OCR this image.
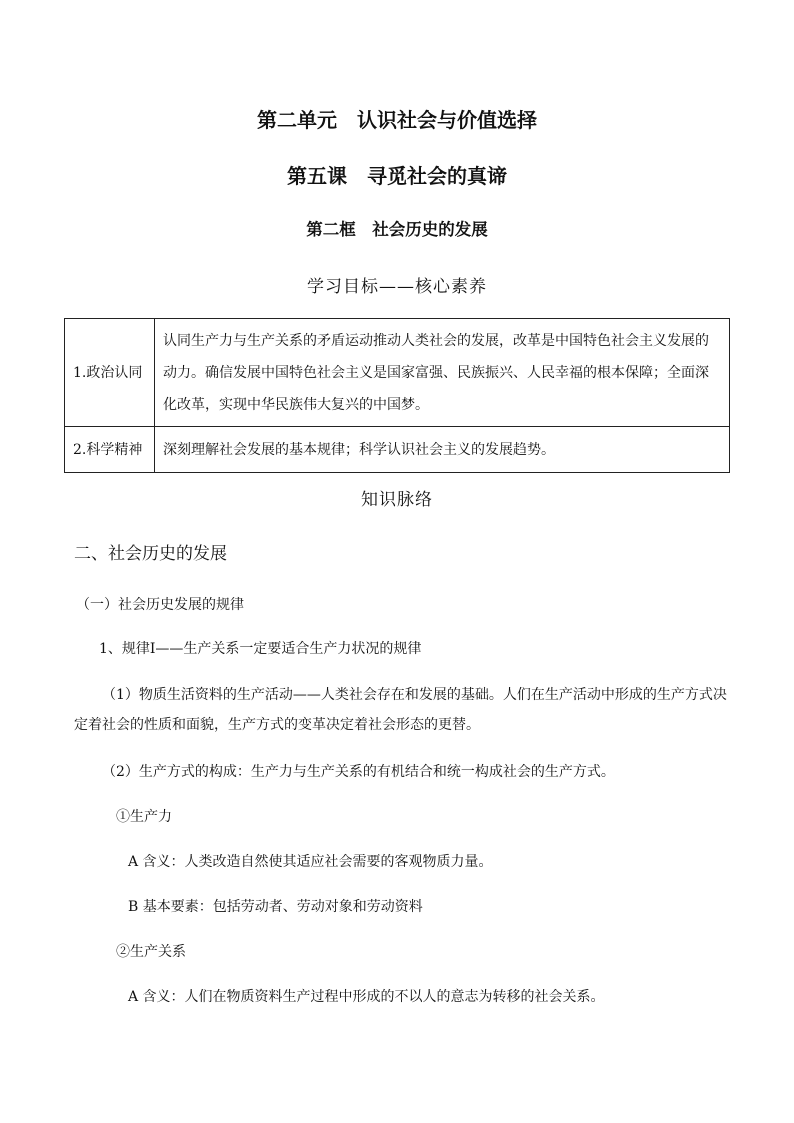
第二单元　认识社会与价值选择
第五课　寻觅社会的真谛
第二框　社会历史的发展
学习目标——核心素养
1.政治认同	认同生产力与生产关系的矛盾运动推动人类社会的发展，改革是中国特色社会主义发展的动力。确信发展中国特色社会主义是国家富强、民族振兴、人民幸福的根本保障；全面深化改革，实现中华民族伟大复兴的中国梦。
2.科学精神	深刻理解社会发展的基本规律；科学认识社会主义的发展趋势。
知识脉络
二、社会历史的发展
（一）社会历史发展的规律
1、规律Ⅰ——生产关系一定要适合生产力状况的规律
（1）物质生活资料的生产活动——人类社会存在和发展的基础。人们在生产活动中形成的生产方式决定着社会的性质和面貌，生产方式的变革决定着社会形态的更替。
（2）生产方式的构成：生产力与生产关系的有机结合和统一构成社会的生产方式。
①生产力
A 含义：人类改造自然使其适应社会需要的客观物质力量。
B 基本要素：包括劳动者、劳动对象和劳动资料
②生产关系
A 含义：人们在物质资料生产过程中形成的不以人的意志为转移的社会关系。
